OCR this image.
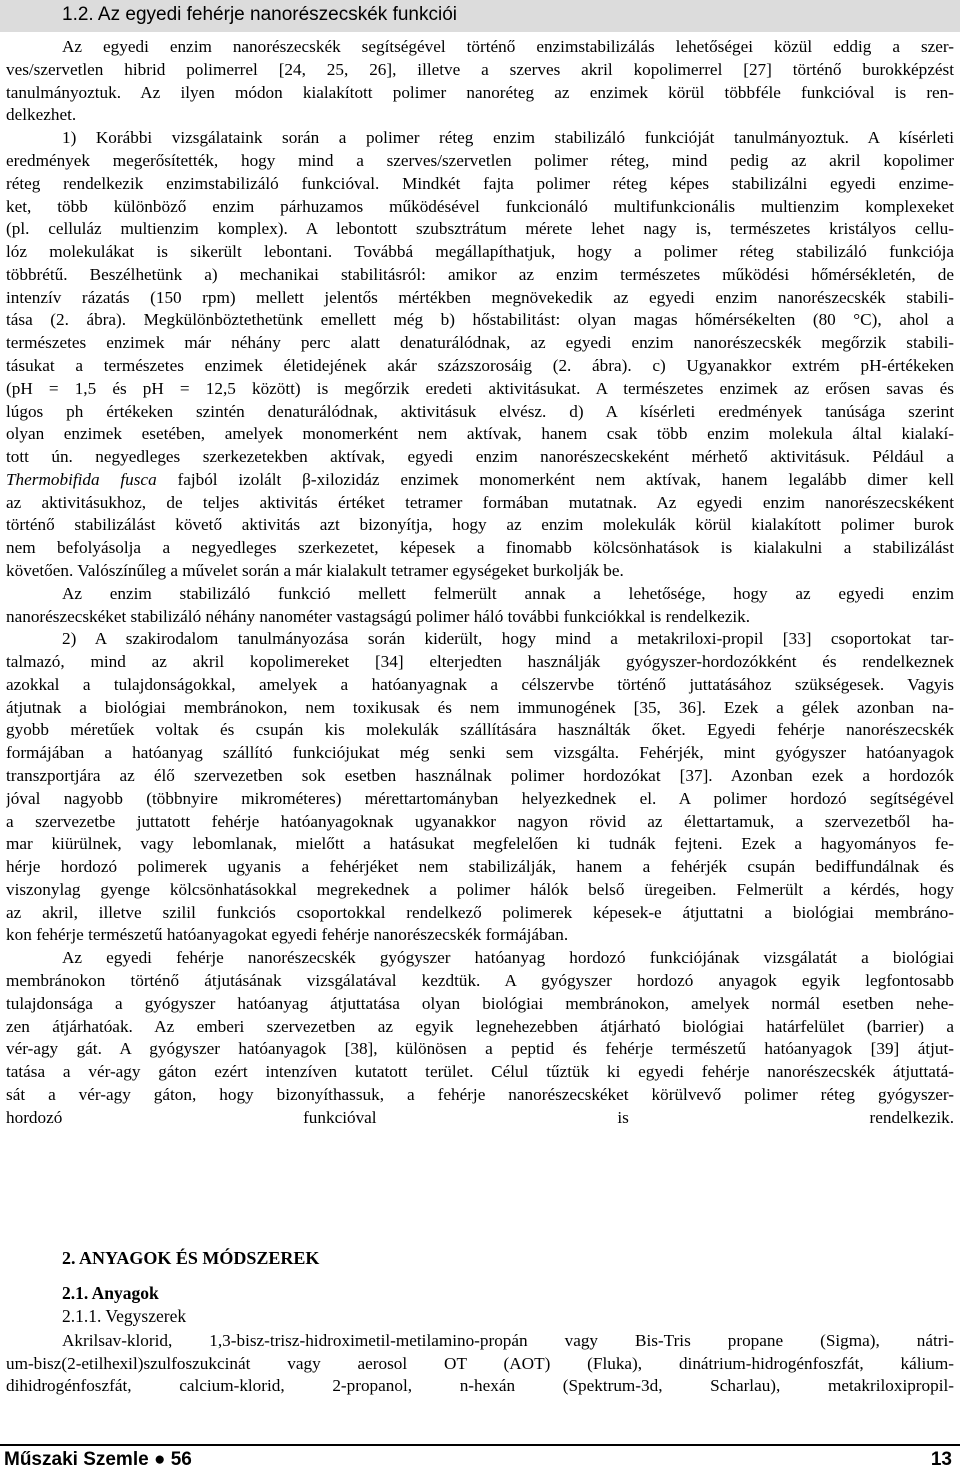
1.2. Az egyedi fehérje nanorészecskék funkciói
Az egyedi enzim nanorészecskék segítségével történő enzimstabilizálás lehetőségei közül eddig a szer-
ves/szervetlen hibrid polimerrel [24, 25, 26], illetve a szerves akril kopolimerrel [27] történő burokképzést
tanulmányoztuk. Az ilyen módon kialakított polimer nanoréteg az enzimek körül többféle funkcióval is ren-
delkezhet.
1) Korábbi vizsgálataink során a polimer réteg enzim stabilizáló funkcióját tanulmányoztuk. A kísérleti
eredmények megerősítették, hogy mind a szerves/szervetlen polimer réteg, mind pedig az akril kopolimer
réteg rendelkezik enzimstabilizáló funkcióval. Mindkét fajta polimer réteg képes stabilizálni egyedi enzime-
ket, több különböző enzim párhuzamos működésével funkcionáló multifunkcionális multienzim komplexeket
(pl. celluláz multienzim komplex). A lebontott szubsztrátum mérete lehet nagy is, természetes kristályos cellu-
lóz molekulákat is sikerült lebontani. Továbbá megállapíthatjuk, hogy a polimer réteg stabilizáló funkciója
többrétű. Beszélhetünk a) mechanikai stabilitásról: amikor az enzim természetes működési hőmérsékletén, de
intenzív rázatás (150 rpm) mellett jelentős mértékben megnövekedik az egyedi enzim nanorészecskék stabili-
tása (2. ábra). Megkülönböztethetünk emellett még b) hőstabilitást: olyan magas hőmérsékelten (80 °C), ahol a
természetes enzimek már néhány perc alatt denaturálódnak, az egyedi enzim nanorészecskék megőrzik stabili-
tásukat a természetes enzimek életidejének akár százszorosáig (2. ábra). c) Ugyanakkor extrém pH-értékeken
(pH = 1,5 és pH = 12,5 között) is megőrzik eredeti aktivitásukat. A természetes enzimek az erősen savas és
lúgos ph értékeken szintén denaturálódnak, aktivitásuk elvész. d) A kísérleti eredmények tanúsága szerint
olyan enzimek esetében, amelyek monomerként nem aktívak, hanem csak több enzim molekula által kialakí-
tott ún. negyedleges szerkezetekben aktívak, egyedi enzim nanorészecskeként mérhető aktivitásuk. Például a
Thermobifida fusca fajból izolált β-xilozidáz enzimek monomerként nem aktívak, hanem legalább dimer kell
az aktivitásukhoz, de teljes aktivitás értéket tetramer formában mutatnak. Az egyedi enzim nanorészecskékent
történő stabilizálást követő aktivitás azt bizonyítja, hogy az enzim molekulák körül kialakított polimer burok
nem befolyásolja a negyedleges szerkezetet, képesek a finomabb kölcsönhatások is kialakulni a stabilizálást
követően. Valószínűleg a művelet során a már kialakult tetramer egységeket burkolják be.
Az enzim stabilizáló funkció mellett felmerült annak a lehetősége, hogy az egyedi enzim
nanorészecskéket stabilizáló néhány nanométer vastagságú polimer háló további funkciókkal is rendelkezik.
2) A szakirodalom tanulmányozása során kiderült, hogy mind a metakriloxi-propil [33] csoportokat tar-
talmazó, mind az akril kopolimereket [34] elterjedten használják gyógyszer-hordozókként és rendelkeznek
azokkal a tulajdonságokkal, amelyek a hatóanyagnak a célszervbe történő juttatásához szükségesek. Vagyis
átjutnak a biológiai membránokon, nem toxikusak és nem immunogének [35, 36]. Ezek a gélek azonban na-
gyobb méretűek voltak és csupán kis molekulák szállítására használták őket. Egyedi fehérje nanorészecskék
formájában a hatóanyag szállító funkciójukat még senki sem vizsgálta. Fehérjék, mint gyógyszer hatóanyagok
transzportjára az élő szervezetben sok esetben használnak polimer hordozókat [37]. Azonban ezek a hordozók
jóval nagyobb (többnyire mikrométeres) mérettartományban helyezkednek el. A polimer hordozó segítségével
a szervezetbe juttatott fehérje hatóanyagoknak ugyanakkor nagyon rövid az élettartamuk, a szervezetből ha-
mar kiürülnek, vagy lebomlanak, mielőtt a hatásukat megfelelően ki tudnák fejteni. Ezek a hagyományos fe-
hérje hordozó polimerek ugyanis a fehérjéket nem stabilizálják, hanem a fehérjék csupán bediffundálnak és
viszonylag gyenge kölcsönhatásokkal megrekednek a polimer hálók belső üregeiben. Felmerült a kérdés, hogy
az akril, illetve szilil funkciós csoportokkal rendelkező polimerek képesek-e átjuttatni a biológiai membráno-
kon fehérje természetű hatóanyagokat egyedi fehérje nanorészecskék formájában.
Az egyedi fehérje nanorészecskék gyógyszer hatóanyag hordozó funkciójának vizsgálatát a biológiai
membránokon történő átjutásának vizsgálatával kezdtük. A gyógyszer hordozó anyagok egyik legfontosabb
tulajdonsága a gyógyszer hatóanyag átjuttatása olyan biológiai membránokon, amelyek normál esetben nehe-
zen átjárhatóak. Az emberi szervezetben az egyik legnehezebben átjárható biológiai határfelület (barrier) a
vér-agy gát. A gyógyszer hatóanyagok [38], különösen a peptid és fehérje természetű hatóanyagok [39] átjut-
tatása a vér-agy gáton ezért intenzíven kutatott terület. Célul tűztük ki egyedi fehérje nanorészecskék átjuttatá-
sát a vér-agy gáton, hogy bizonyíthassuk, a fehérje nanorészecskéket körülvevő polimer réteg gyógyszer-
hordozó funkcióval is rendelkezik.
2. ANYAGOK ÉS MÓDSZEREK
2.1. Anyagok
2.1.1. Vegyszerek
Akrilsav-klorid, 1,3-bisz-trisz-hidroximetil-metilamino-propán vagy Bis-Tris propane (Sigma), nátri-
um-bisz(2-etilhexil)szulfoszukcinát vagy aerosol OT (AOT) (Fluka), dinátrium-hidrogénfoszfát, kálium-
dihidrogénfoszfát, calcium-klorid, 2-propanol, n-hexán (Spektrum-3d, Scharlau), metakriloxipropil-
Műszaki Szemle ● 56	13
